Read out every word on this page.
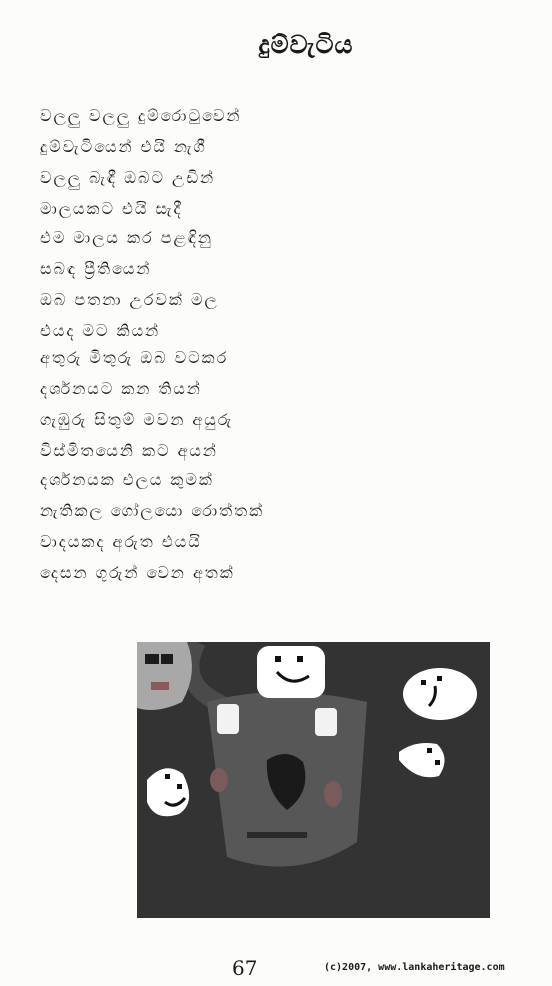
දුම්වැටිය
වලලු වලලු දුම්රොටුවෙන්
දුම්වැටියෙන් එයි නැගී
වලලු බැඳී ඔබට උඩින්
මාලයකට එයි සැදී
එම මාලය කර පළඳිනු
සබඳ ප්‍රීතියෙන්
ඔබ පතනා උරවක් මල
එයද මට කියන්
අතුරු මිතුරු ඔබ වටකර
දර්ශනයට කන තියන්
ගැඹුරු සිතුම් මවන අයුරු
විස්මිතයෙනි කට අයන්
දර්ශනයක එලය කුමක්
නැතිකල ගෝලයො රොත්තක්
වාදයකද අරුත එයයි
දෙසන ගුරුන් වෙන අතක්
67	(c)2007, www.lankaheritage.com
